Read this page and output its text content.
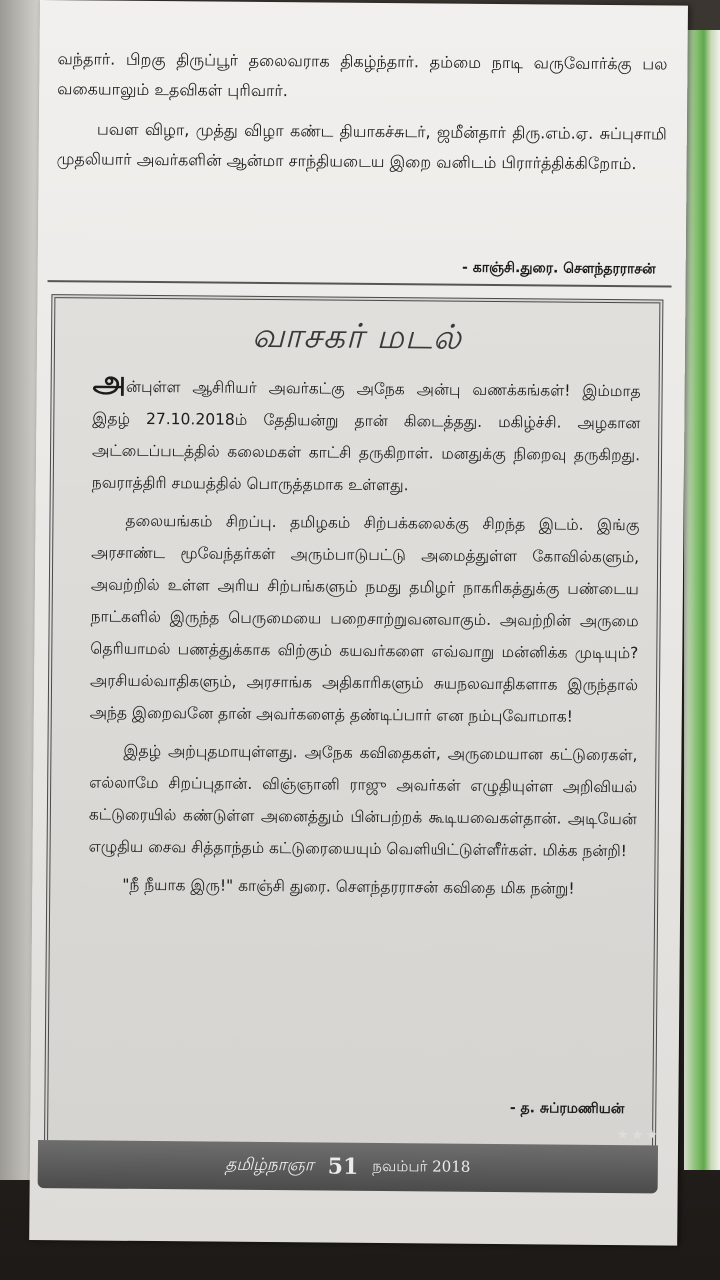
வந்தார். பிறகு திருப்பூர் தலைவராக திகழ்ந்தார். தம்மை நாடி வருவோர்க்கு பல வகையாலும் உதவிகள் புரிவார்.

பவள விழா, முத்து விழா கண்ட தியாகச்சுடர், ஜமீன்தார் திரு.எம்.ஏ. சுப்புசாமி முதலியார் அவர்களின் ஆன்மா சாந்தியடைய இறை வனிடம் பிரார்த்திக்கிறோம்.

- காஞ்சி.துரை. சௌந்தரராசன்
வாசகர் மடல்

அன்புள்ள ஆசிரியர் அவர்கட்கு அநேக அன்பு வணக்கங்கள்! இம்மாத இதழ் 27.10.2018ம் தேதியன்று தான் கிடைத்தது. மகிழ்ச்சி. அழகான அட்டைப்படத்தில் கலைமகள் காட்சி தருகிறாள். மனதுக்கு நிறைவு தருகிறது. நவராத்திரி சமயத்தில் பொருத்தமாக உள்ளது.

தலையங்கம் சிறப்பு. தமிழகம் சிற்பக்கலைக்கு சிறந்த இடம். இங்கு அரசாண்ட மூவேந்தர்கள் அரும்பாடுபட்டு அமைத்துள்ள கோவில்களும், அவற்றில் உள்ள அரிய சிற்பங்களும் நமது தமிழர் நாகரிகத்துக்கு பண்டைய நாட்களில் இருந்த பெருமையை பறைசாற்றுவனவாகும். அவற்றின் அருமை தெரியாமல் பணத்துக்காக விற்கும் கயவர்களை எவ்வாறு மன்னிக்க முடியும்? அரசியல்வாதிகளும், அரசாங்க அதிகாரிகளும் சுயநலவாதிகளாக இருந்தால் அந்த இறைவனே தான் அவர்களைத் தண்டிப்பார் என நம்புவோமாக!

இதழ் அற்புதமாயுள்ளது. அநேக கவிதைகள், அருமையான கட்டுரைகள், எல்லாமே சிறப்புதான். விஞ்ஞானி ராஜு அவர்கள் எழுதியுள்ள அறிவியல் கட்டுரையில் கண்டுள்ள அனைத்தும் பின்பற்றக் கூடியவைகள்தான். அடியேன் எழுதிய சைவ சித்தாந்தம் கட்டுரையையும் வெளியிட்டுள்ளீர்கள். மிக்க நன்றி!

"நீ நீயாக இரு!" காஞ்சி துரை. சௌந்தரராசன் கவிதை மிக நன்று!

- த. சுப்ரமணியன்
★★★
தமிழ்நாஞா 51 நவம்பர் 2018
